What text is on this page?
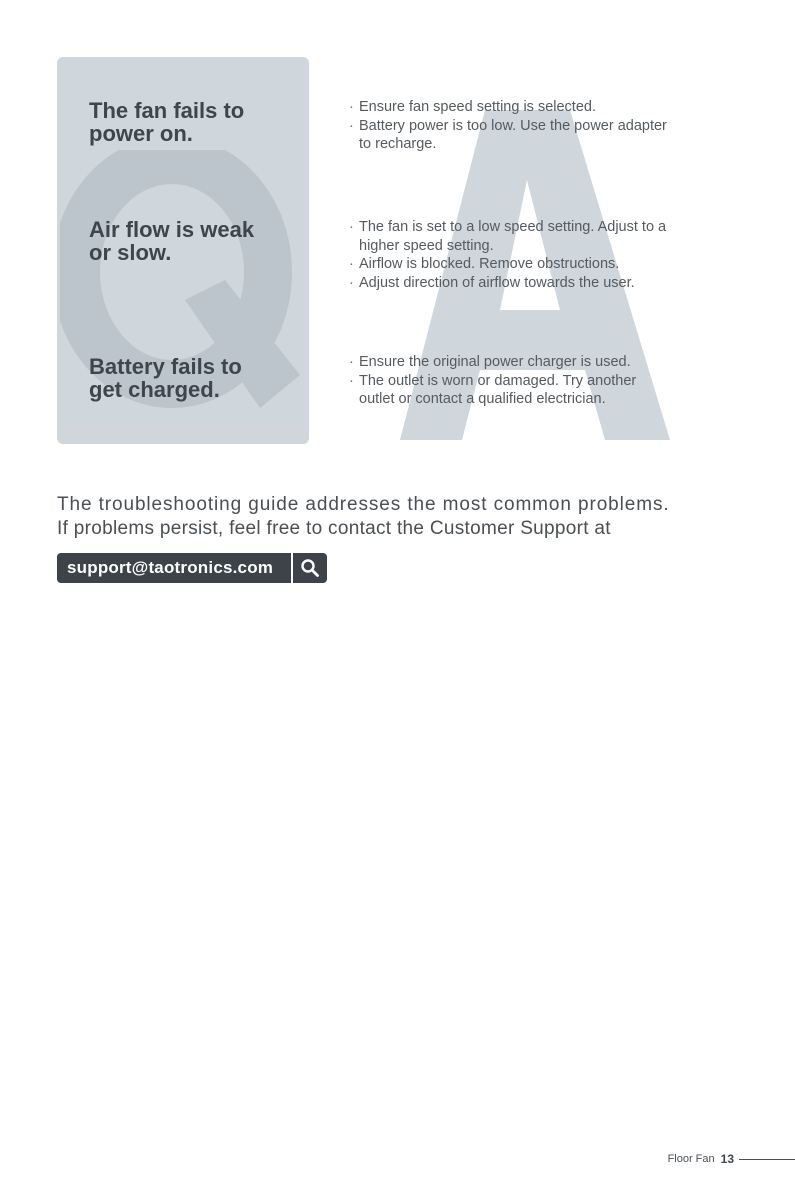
The fan fails to
power on.

Air flow is weak
or slow.

Battery fails to
get charged.

· Ensure fan speed setting is selected.
· Battery power is too low. Use the power adapter
to recharge.
· The fan is set to a low speed setting. Adjust to a
higher speed setting.
· Airflow is blocked. Remove obstructions.
· Adjust direction of airflow towards the user.
· Ensure the original power charger is used.
· The outlet is worn or damaged. Try another
outlet or contact a qualified electrician.

The troubleshooting guide addresses the most common problems.

If problems persist, feel free to contact the Customer Support at

support@taotronics.com
Floor Fan 13
